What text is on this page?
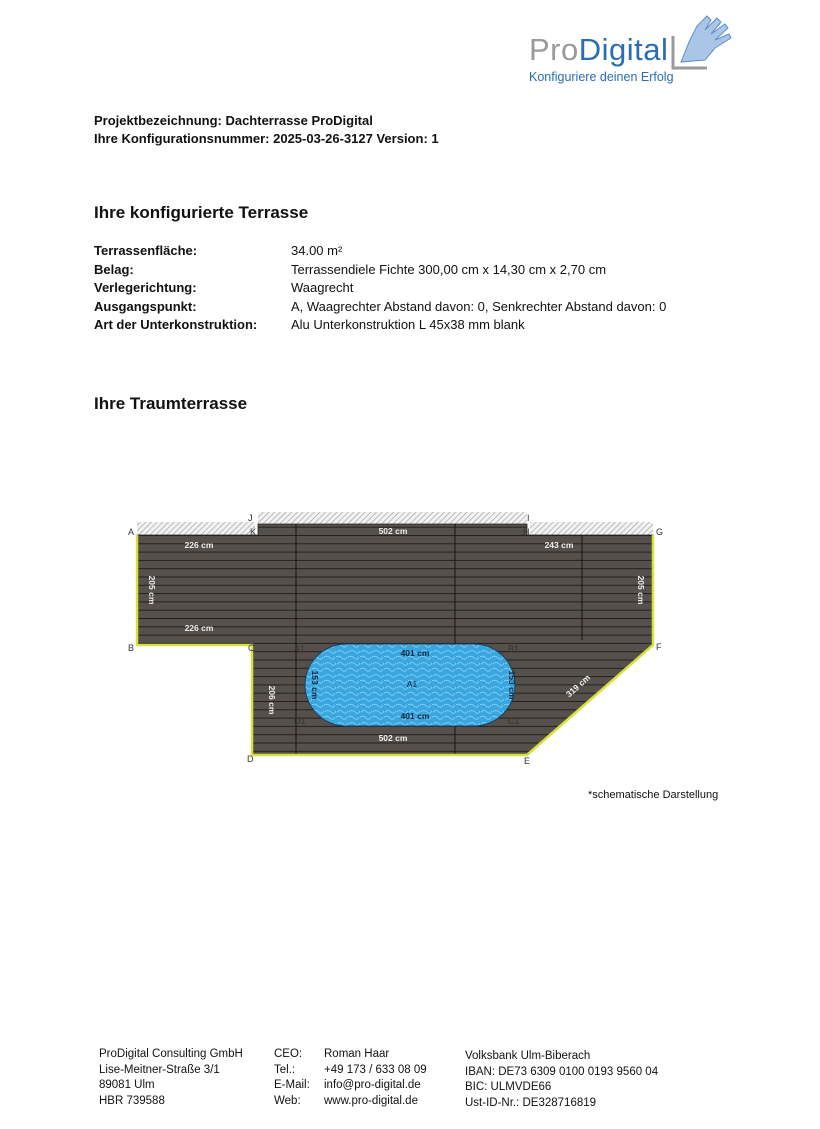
ProDigital
Konfiguriere deinen Erfolg
Projektbezeichnung: Dachterrasse ProDigital
Ihre Konfigurationsnummer: 2025-03-26-3127 Version: 1
Ihre konfigurierte Terrasse
Terrassenfläche:	34.00 m²
Belag:	Terrassendiele Fichte 300,00 cm x 14,30 cm x 2,70 cm
Verlegerichtung:	Waagrecht
Ausgangspunkt:	A, Waagrechter Abstand davon: 0, Senkrechter Abstand davon: 0
Art der Unterkonstruktion:	Alu Unterkonstruktion L 45x38 mm blank
Ihre Traumterrasse
502 cm
226 cm	243 cm
226 cm
502 cm
205 cm	205 cm
206 cm	319 cm
401 cm
401 cm
153 cm	153 cm
A1
A
B	C
D	E
F
G
H
I
J
K
A1	B1
C1
D1
*schematische Darstellung
ProDigital Consulting GmbH
Lise-Meitner-Straße 3/1
89081 Ulm
HBR 739588
CEO:	Roman Haar
Tel.:	+49 173 / 633 08 09
E-Mail:	info@pro-digital.de
Web:	www.pro-digital.de
Volksbank Ulm-Biberach
IBAN: DE73 6309 0100 0193 9560 04
BIC: ULMVDE66
Ust-ID-Nr.: DE328716819
